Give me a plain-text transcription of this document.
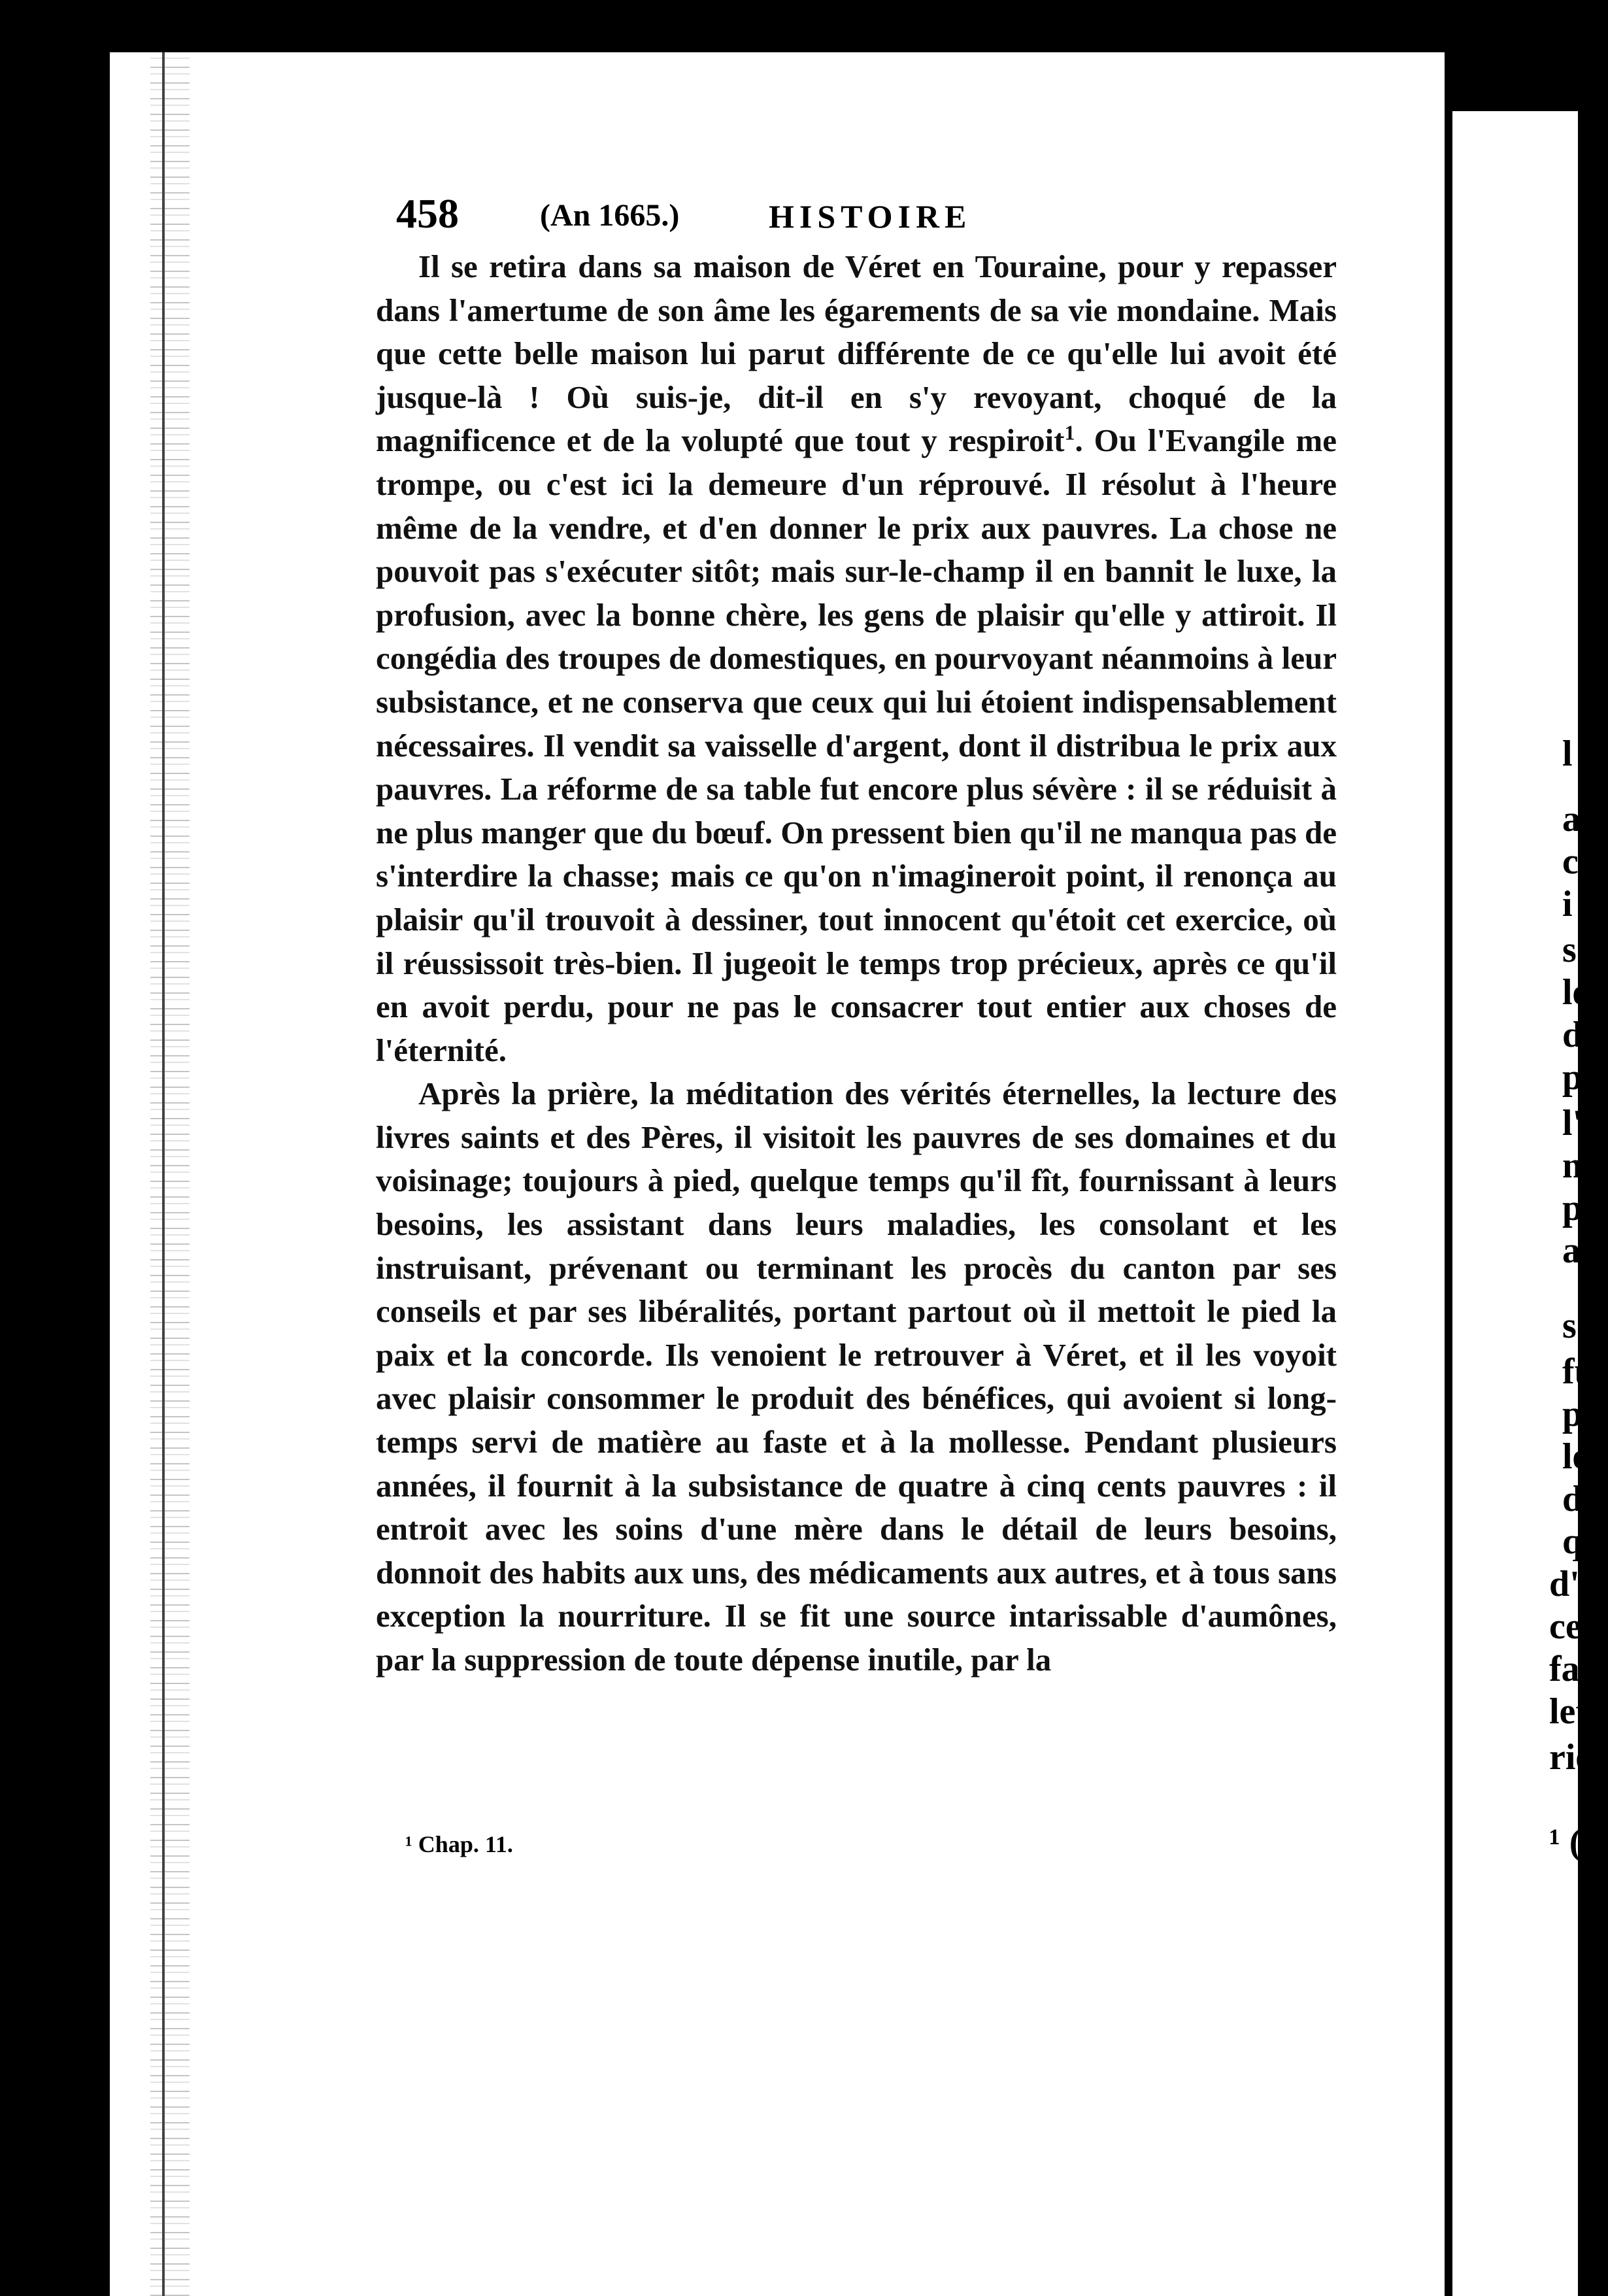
458	(An 1665.)	HISTOIRE

Il se retira dans sa maison de Véret en Touraine, pour y repasser dans l'amertume de son âme les égarements de sa vie mondaine. Mais que cette belle maison lui parut différente de ce qu'elle lui avoit été jusque-là ! Où suis-je, dit-il en s'y revoyant, choqué de la magnificence et de la volupté que tout y respiroit$^1$. Ou l'Evangile me trompe, ou c'est ici la demeure d'un réprouvé. Il résolut à l'heure même de la vendre, et d'en donner le prix aux pauvres. La chose ne pouvoit pas s'exécuter sitôt; mais sur-le-champ il en bannit le luxe, la profusion, avec la bonne chère, les gens de plaisir qu'elle y attiroit. Il congédia des troupes de domestiques, en pourvoyant néanmoins à leur subsistance, et ne conserva que ceux qui lui étoient indispensablement nécessaires. Il vendit sa vaisselle d'argent, dont il distribua le prix aux pauvres. La réforme de sa table fut encore plus sévère : il se réduisit à ne plus manger que du bœuf. On pressent bien qu'il ne manqua pas de s'interdire la chasse; mais ce qu'on n'imagineroit point, il renonça au plaisir qu'il trouvoit à dessiner, tout innocent qu'étoit cet exercice, où il réussissoit très-bien. Il jugeoit le temps trop précieux, après ce qu'il en avoit perdu, pour ne pas le consacrer tout entier aux choses de l'éternité.

Après la prière, la méditation des vérités éternelles, la lecture des livres saints et des Pères, il visitoit les pauvres de ses domaines et du voisinage; toujours à pied, quelque temps qu'il fît, fournissant à leurs besoins, les assistant dans leurs maladies, les consolant et les instruisant, prévenant ou terminant les procès du canton par ses conseils et par ses libéralités, portant partout où il mettoit le pied la paix et la concorde. Ils venoient le retrouver à Véret, et il les voyoit avec plaisir consommer le produit des bénéfices, qui avoient si long-temps servi de matière au faste et à la mollesse. Pendant plusieurs années, il fournit à la subsistance de quatre à cinq cents pauvres : il entroit avec les soins d'une mère dans le détail de leurs besoins, donnoit des habits aux uns, des médicaments aux autres, et à tous sans exception la nourriture. Il se fit une source intarissable d'aumônes, par la suppression de toute dépense inutile, par la

¹ Chap. 11.
l
a
c
i
s
le
d
p
l'
m
pr
af
so
fu
ph
le
dé
qu
d'u
ces
fai
lett
rier
¹ (
